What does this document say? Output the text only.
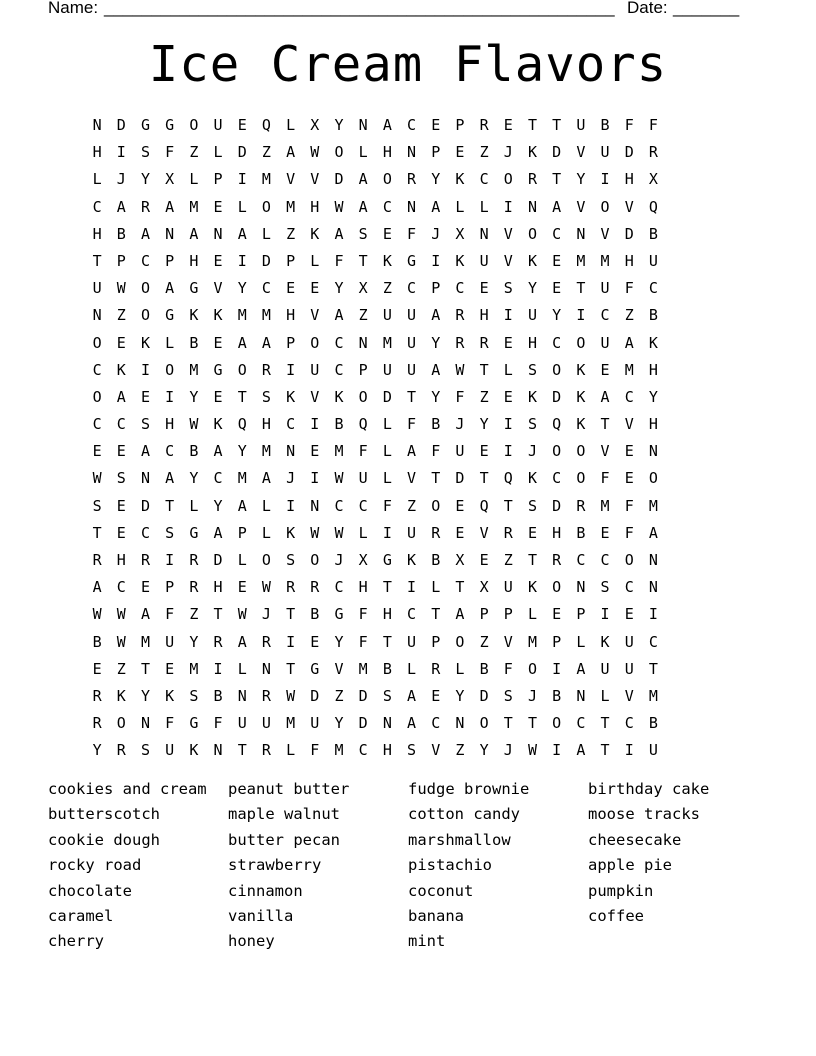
Name: ______________________________________________________ Date: _______
Ice Cream Flavors
N	D	G	G	O	U	E	Q	L	X	Y	N	A	C	E	P	R	E	T	T	U	B	F	F
H	I	S	F	Z	L	D	Z	A	W	O	L	H	N	P	E	Z	J	K	D	V	U	D	R
L	J	Y	X	L	P	I	M	V	V	D	A	O	R	Y	K	C	O	R	T	Y	I	H	X
C	A	R	A	M	E	L	O	M	H	W	A	C	N	A	L	L	I	N	A	V	O	V	Q
H	B	A	N	A	N	A	L	Z	K	A	S	E	F	J	X	N	V	O	C	N	V	D	B
T	P	C	P	H	E	I	D	P	L	F	T	K	G	I	K	U	V	K	E	M	M	H	U
U	W	O	A	G	V	Y	C	E	E	Y	X	Z	C	P	C	E	S	Y	E	T	U	F	C
N	Z	O	G	K	K	M	M	H	V	A	Z	U	U	A	R	H	I	U	Y	I	C	Z	B
O	E	K	L	B	E	A	A	P	O	C	N	M	U	Y	R	R	E	H	C	O	U	A	K
C	K	I	O	M	G	O	R	I	U	C	P	U	U	A	W	T	L	S	O	K	E	M	H
O	A	E	I	Y	E	T	S	K	V	K	O	D	T	Y	F	Z	E	K	D	K	A	C	Y
C	C	S	H	W	K	Q	H	C	I	B	Q	L	F	B	J	Y	I	S	Q	K	T	V	H
E	E	A	C	B	A	Y	M	N	E	M	F	L	A	F	U	E	I	J	O	O	V	E	N
W	S	N	A	Y	C	M	A	J	I	W	U	L	V	T	D	T	Q	K	C	O	F	E	O
S	E	D	T	L	Y	A	L	I	N	C	C	F	Z	O	E	Q	T	S	D	R	M	F	M
T	E	C	S	G	A	P	L	K	W	W	L	I	U	R	E	V	R	E	H	B	E	F	A
R	H	R	I	R	D	L	O	S	O	J	X	G	K	B	X	E	Z	T	R	C	C	O	N
A	C	E	P	R	H	E	W	R	R	C	H	T	I	L	T	X	U	K	O	N	S	C	N
W	W	A	F	Z	T	W	J	T	B	G	F	H	C	T	A	P	P	L	E	P	I	E	I
B	W	M	U	Y	R	A	R	I	E	Y	F	T	U	P	O	Z	V	M	P	L	K	U	C
E	Z	T	E	M	I	L	N	T	G	V	M	B	L	R	L	B	F	O	I	A	U	U	T
R	K	Y	K	S	B	N	R	W	D	Z	D	S	A	E	Y	D	S	J	B	N	L	V	M
R	O	N	F	G	F	U	U	M	U	Y	D	N	A	C	N	O	T	T	O	C	T	C	B
Y	R	S	U	K	N	T	R	L	F	M	C	H	S	V	Z	Y	J	W	I	A	T	I	U
cookies and cream
butterscotch
cookie dough
rocky road
chocolate
caramel
cherry
peanut butter
maple walnut
butter pecan
strawberry
cinnamon
vanilla
honey
fudge brownie
cotton candy
marshmallow
pistachio
coconut
banana
mint
birthday cake
moose tracks
cheesecake
apple pie
pumpkin
coffee
